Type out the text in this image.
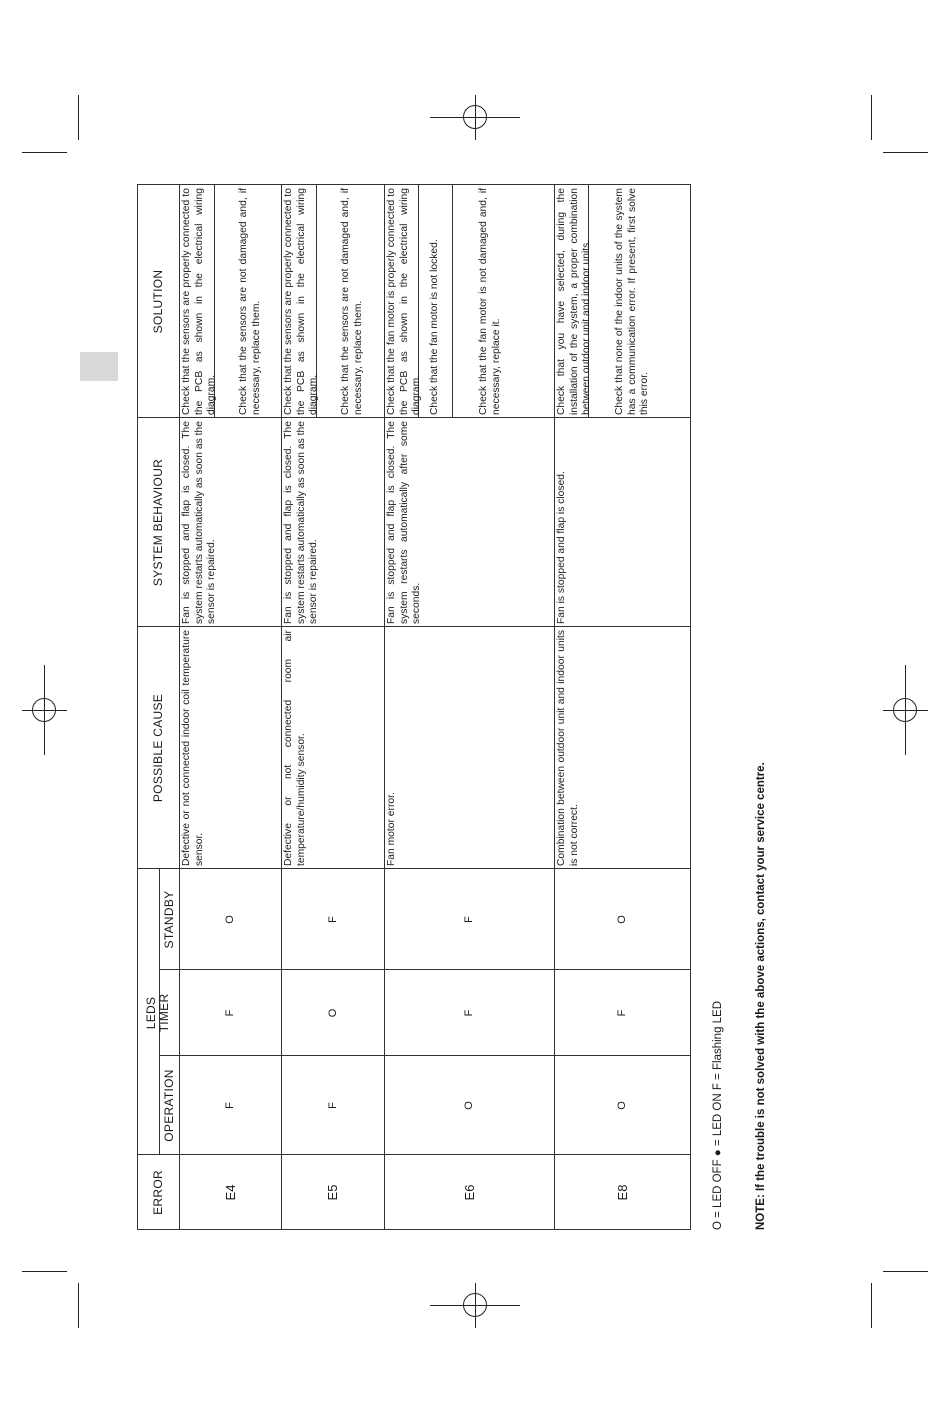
ERROR
OPERATION
LEDS TIMER
STANDBY
POSSIBLE CAUSE
SYSTEM BEHAVIOUR
SOLUTION
E4
F
F
O
Defective or not connected indoor coil temperature sensor.
Fan is stopped and flap is closed. The system restarts automatically as soon as the sensor is repaired.
Check that the sensors are properly connected to the PCB as shown in the electrical wiring diagram. Check that the sensors are not damaged and, if necessary, replace them.
E5
F
O
F
Defective or not connected room air temperature/humidity sensor.
Fan is stopped and flap is closed. The system restarts automatically as soon as the sensor is repaired.
Check that the sensors are properly connected to the PCB as shown in the electrical wiring diagram. Check that the sensors are not damaged and, if necessary, replace them.
E6
O
F
F
Fan motor error.
Fan is stopped and flap is closed. The system restarts automatically after some seconds.
Check that the fan motor is properly connected to the PCB as shown in the electrical wiring diagram. Check that the fan motor is not locked.	Check that the fan motor is not damaged and, if necessary, replace it.
E8
O
F
O
Combination between outdoor unit and indoor units is not correct.
Fan is stopped and flap is closed.
Check that you have selected, during the installation of the system, a proper combination between outdoor unit and indoor units. Check that none of the indoor units of the system has a communication error. If present, first solve this error.
O = LED OFF ● = LED ON F = Flashing LED	NOTE: If the trouble is not solved with the above actions, contact your service centre.
